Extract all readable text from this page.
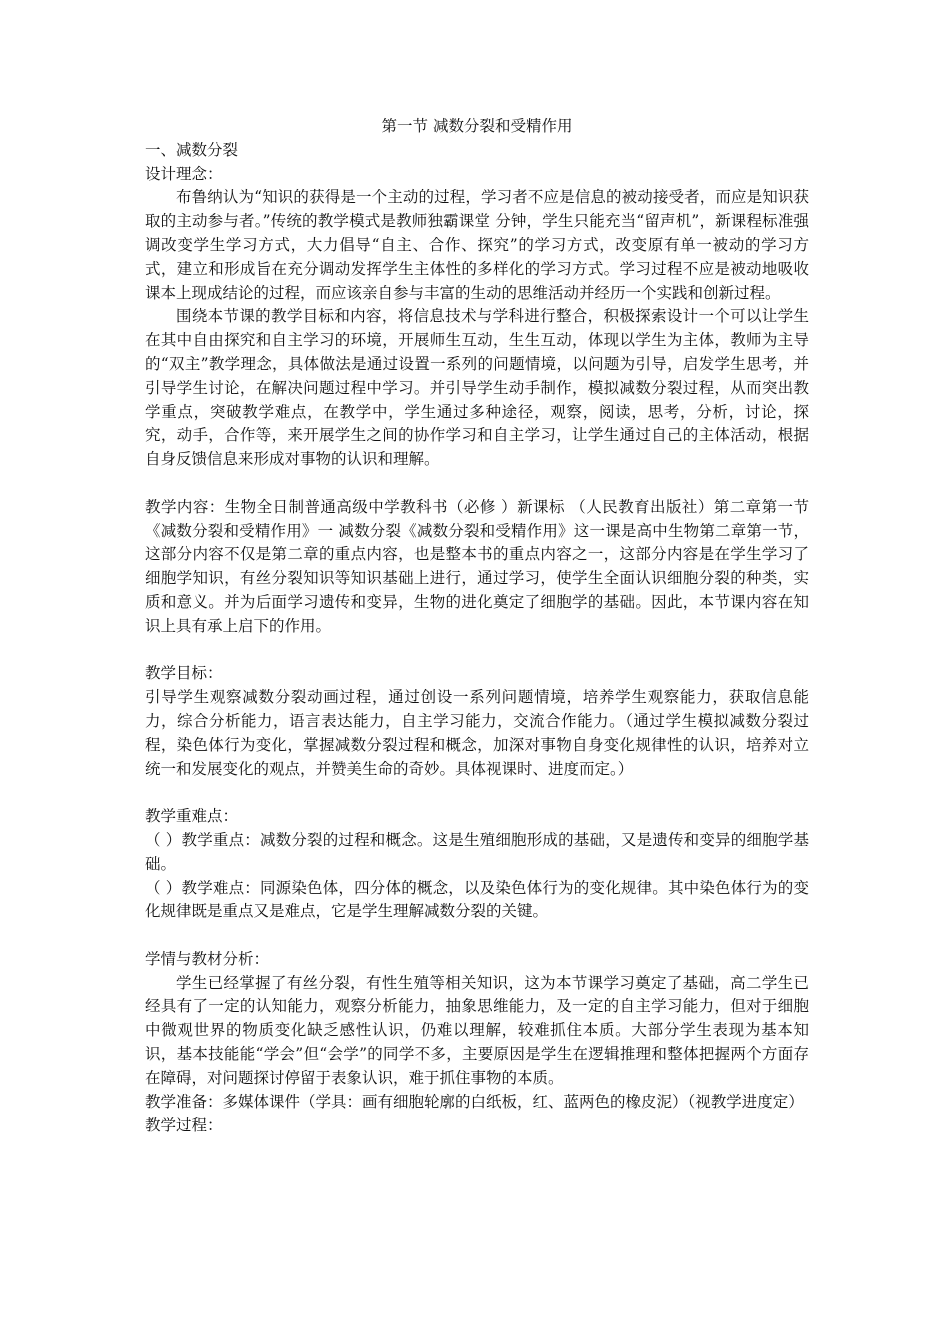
第一节 减数分裂和受精作用

一、减数分裂

设计理念：

布鲁纳认为“知识的获得是一个主动的过程，学习者不应是信息的被动接受者，而应是知识获取的主动参与者。”传统的教学模式是教师独霸课堂 分钟，学生只能充当“留声机”，新课程标准强调改变学生学习方式，大力倡导“自主、合作、探究”的学习方式，改变原有单一被动的学习方式，建立和形成旨在充分调动发挥学生主体性的多样化的学习方式。学习过程不应是被动地吸收课本上现成结论的过程，而应该亲自参与丰富的生动的思维活动并经历一个实践和创新过程。

围绕本节课的教学目标和内容，将信息技术与学科进行整合，积极探索设计一个可以让学生在其中自由探究和自主学习的环境，开展师生互动，生生互动，体现以学生为主体，教师为主导的“双主”教学理念，具体做法是通过设置一系列的问题情境，以问题为引导，启发学生思考，并引导学生讨论，在解决问题过程中学习。并引导学生动手制作，模拟减数分裂过程，从而突出教学重点，突破教学难点，在教学中，学生通过多种途径，观察，阅读，思考，分析，讨论，探究，动手，合作等，来开展学生之间的协作学习和自主学习，让学生通过自己的主体活动，根据自身反馈信息来形成对事物的认识和理解。

教学内容：生物全日制普通高级中学教科书（必修 ）新课标 （人民教育出版社）第二章第一节《减数分裂和受精作用》一 减数分裂《减数分裂和受精作用》这一课是高中生物第二章第一节，这部分内容不仅是第二章的重点内容，也是整本书的重点内容之一，这部分内容是在学生学习了细胞学知识，有丝分裂知识等知识基础上进行，通过学习，使学生全面认识细胞分裂的种类，实质和意义。并为后面学习遗传和变异，生物的进化奠定了细胞学的基础。因此，本节课内容在知识上具有承上启下的作用。

教学目标：

引导学生观察减数分裂动画过程，通过创设一系列问题情境，培养学生观察能力，获取信息能力，综合分析能力，语言表达能力，自主学习能力，交流合作能力。（通过学生模拟减数分裂过程，染色体行为变化，掌握减数分裂过程和概念，加深对事物自身变化规律性的认识，培养对立统一和发展变化的观点，并赞美生命的奇妙。具体视课时、进度而定。）

教学重难点：

（ ）教学重点：减数分裂的过程和概念。这是生殖细胞形成的基础，又是遗传和变异的细胞学基础。

（ ）教学难点：同源染色体，四分体的概念，以及染色体行为的变化规律。其中染色体行为的变化规律既是重点又是难点，它是学生理解减数分裂的关键。

学情与教材分析：

学生已经掌握了有丝分裂，有性生殖等相关知识，这为本节课学习奠定了基础，高二学生已经具有了一定的认知能力，观察分析能力，抽象思维能力，及一定的自主学习能力，但对于细胞中微观世界的物质变化缺乏感性认识，仍难以理解，较难抓住本质。大部分学生表现为基本知识，基本技能能“学会”但“会学”的同学不多，主要原因是学生在逻辑推理和整体把握两个方面存在障碍，对问题探讨停留于表象认识，难于抓住事物的本质。

教学准备：多媒体课件（学具：画有细胞轮廓的白纸板，红、蓝两色的橡皮泥）（视教学进度定）

教学过程：
